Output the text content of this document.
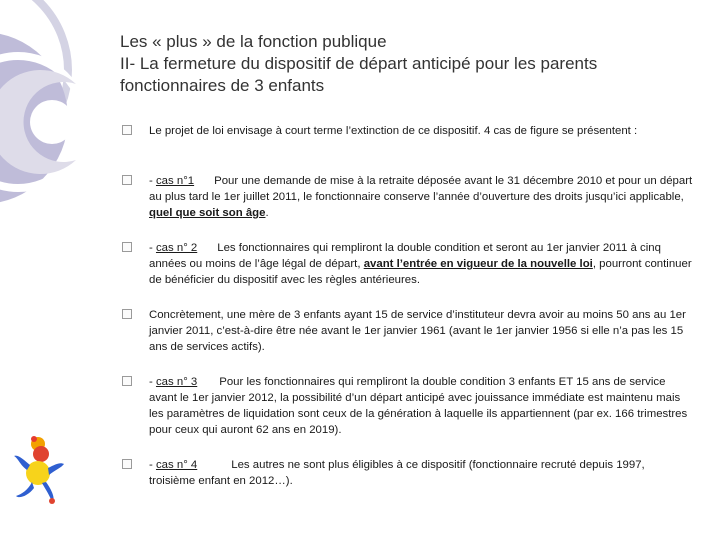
Les « plus » de la fonction publique
II- La fermeture du dispositif de départ anticipé pour les parents
fonctionnaires de 3 enfants
Le projet de loi envisage à court terme l’extinction de ce dispositif. 4 cas de figure se présentent :
- cas n°1 Pour une demande de mise à la retraite déposée avant le 31 décembre 2010 et pour un départ au plus tard le 1er juillet 2011, le fonctionnaire conserve l’année d’ouverture des droits jusqu’ici applicable, quel que soit son âge.
- cas n° 2 Les fonctionnaires qui rempliront la double condition et seront au 1er janvier 2011 à cinq années ou moins de l’âge légal de départ, avant l’entrée en vigueur de la nouvelle loi, pourront continuer de bénéficier du dispositif avec les règles antérieures.
Concrètement, une mère de 3 enfants ayant 15 de service d’instituteur devra avoir au moins 50 ans au 1er janvier 2011, c’est-à-dire être née avant le 1er janvier 1961 (avant le 1er janvier 1956 si elle n’a pas les 15 ans de services actifs).
- cas n° 3 Pour les fonctionnaires qui rempliront la double condition 3 enfants ET 15 ans de service avant le 1er janvier 2012, la possibilité d’un départ anticipé avec jouissance immédiate est maintenu mais les paramètres de liquidation sont ceux de la génération à laquelle ils appartiennent (par ex. 166 trimestres pour ceux qui auront 62 ans en 2019).
- cas n° 4	Les autres ne sont plus éligibles à ce dispositif (fonctionnaire recruté depuis 1997, troisième enfant en 2012…).
